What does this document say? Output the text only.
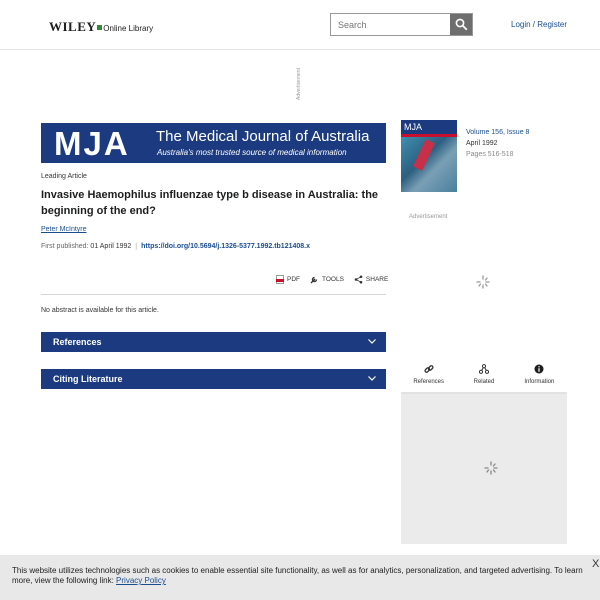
WILEY Online Library
Search	Login / Register
Advertisement
MJA The Medical Journal of Australia
Australia's most trusted source of medical information
Leading Article
Invasive Haemophilus influenzae type b disease in Australia: the beginning of the end?
Peter McIntyre
First published: 01 April 1992 | https://doi.org/10.5694/j.1326-5377.1992.tb121408.x
PDF	TOOLS	SHARE
No abstract is available for this article.
References
Citing Literature
MJA
Volume 156, Issue 8
April 1992
Pages 516-518
Advertisement
References	Related	Information
This website utilizes technologies such as cookies to enable essential site functionality, as well as for analytics, personalization, and targeted advertising. To learn more, view the following link: Privacy Policy
X
